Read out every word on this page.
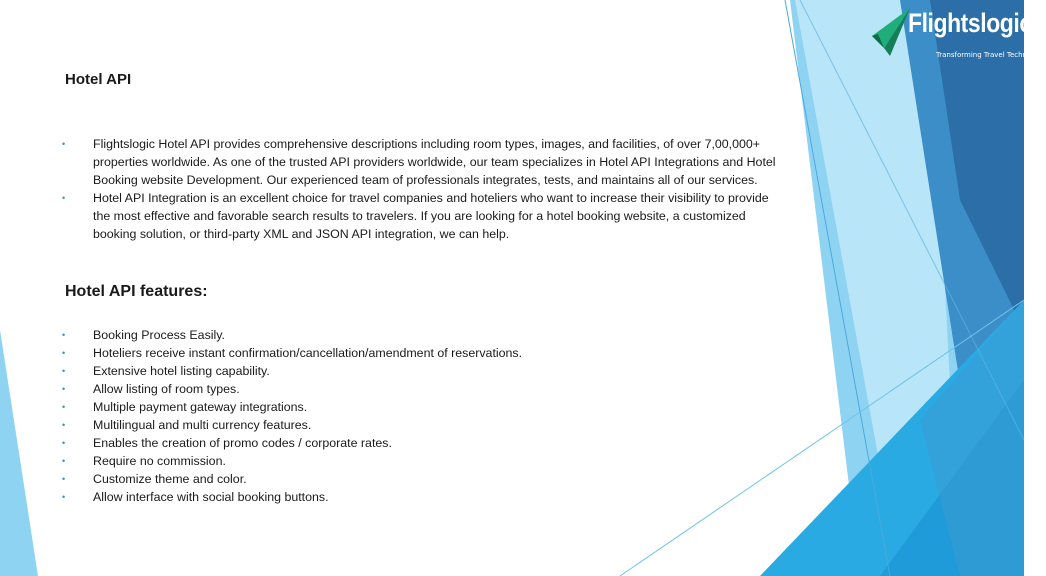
Flightslogic
Transforming Travel Technology
Hotel API
• Flightslogic Hotel API provides comprehensive descriptions including room types, images, and facilities, of over 7,00,000+ properties worldwide. As one of the trusted API providers worldwide, our team specializes in Hotel API Integrations and Hotel Booking website Development. Our experienced team of professionals integrates, tests, and maintains all of our services.
• Hotel API Integration is an excellent choice for travel companies and hoteliers who want to increase their visibility to provide the most effective and favorable search results to travelers. If you are looking for a hotel booking website, a customized booking solution, or third-party XML and JSON API integration, we can help.
Hotel API features:
• Booking Process Easily.
• Hoteliers receive instant confirmation/cancellation/amendment of reservations.
• Extensive hotel listing capability.
• Allow listing of room types.
• Multiple payment gateway integrations.
• Multilingual and multi currency features.
• Enables the creation of promo codes / corporate rates.
• Require no commission.
• Customize theme and color.
• Allow interface with social booking buttons.
